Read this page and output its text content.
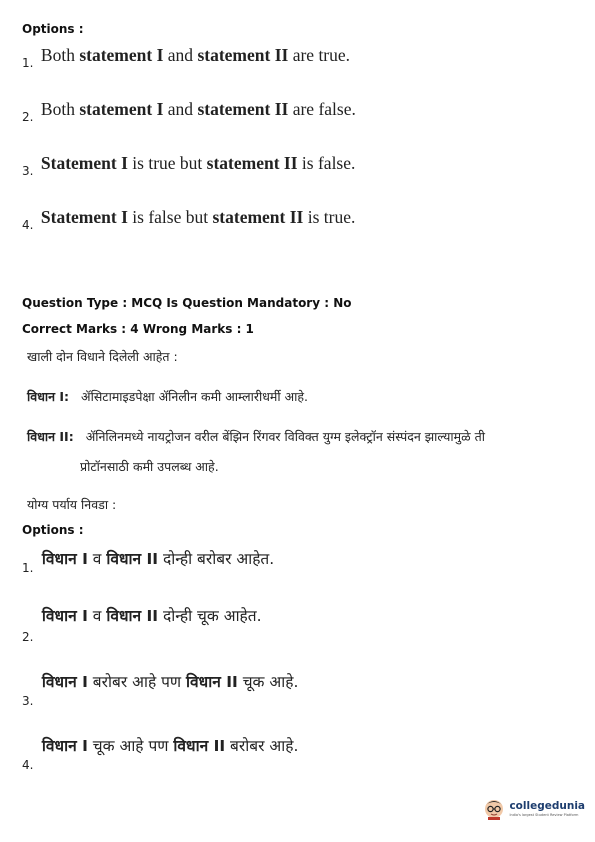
Options :
$_{1.}$ Both statement I and statement II are true.
$_{2.}$ Both statement I and statement II are false.
$_{3.}$ Statement I is true but statement II is false.
$_{4.}$ Statement I is false but statement II is true.
Question Type : MCQ Is Question Mandatory : No
Correct Marks : 4 Wrong Marks : 1
खाली दोन विधाने दिलेली आहेत :
विधान I: ॲसिटामाइडपेक्षा ॲनिलीन कमी आम्लारीधर्मी आहे.
विधान II: ॲनिलिनमध्ये नायट्रोजन वरील बेंझिन रिंगवर विविक्त युग्म इलेक्ट्रॉन संस्पंदन झाल्यामुळे ती
प्रोटॉनसाठी कमी उपलब्ध आहे.
योग्य पर्याय निवडा :
Options :
$_{1.}$ विधान I व विधान II दोन्ही बरोबर आहेत.
$_{2.}$ विधान I व विधान II दोन्ही चूक आहेत.
$_{3.}$ विधान I बरोबर आहे पण विधान II चूक आहे.
$_{4.}$ विधान I चूक आहे पण विधान II बरोबर आहे.
collegedunia
India's largest Student Review Platform
